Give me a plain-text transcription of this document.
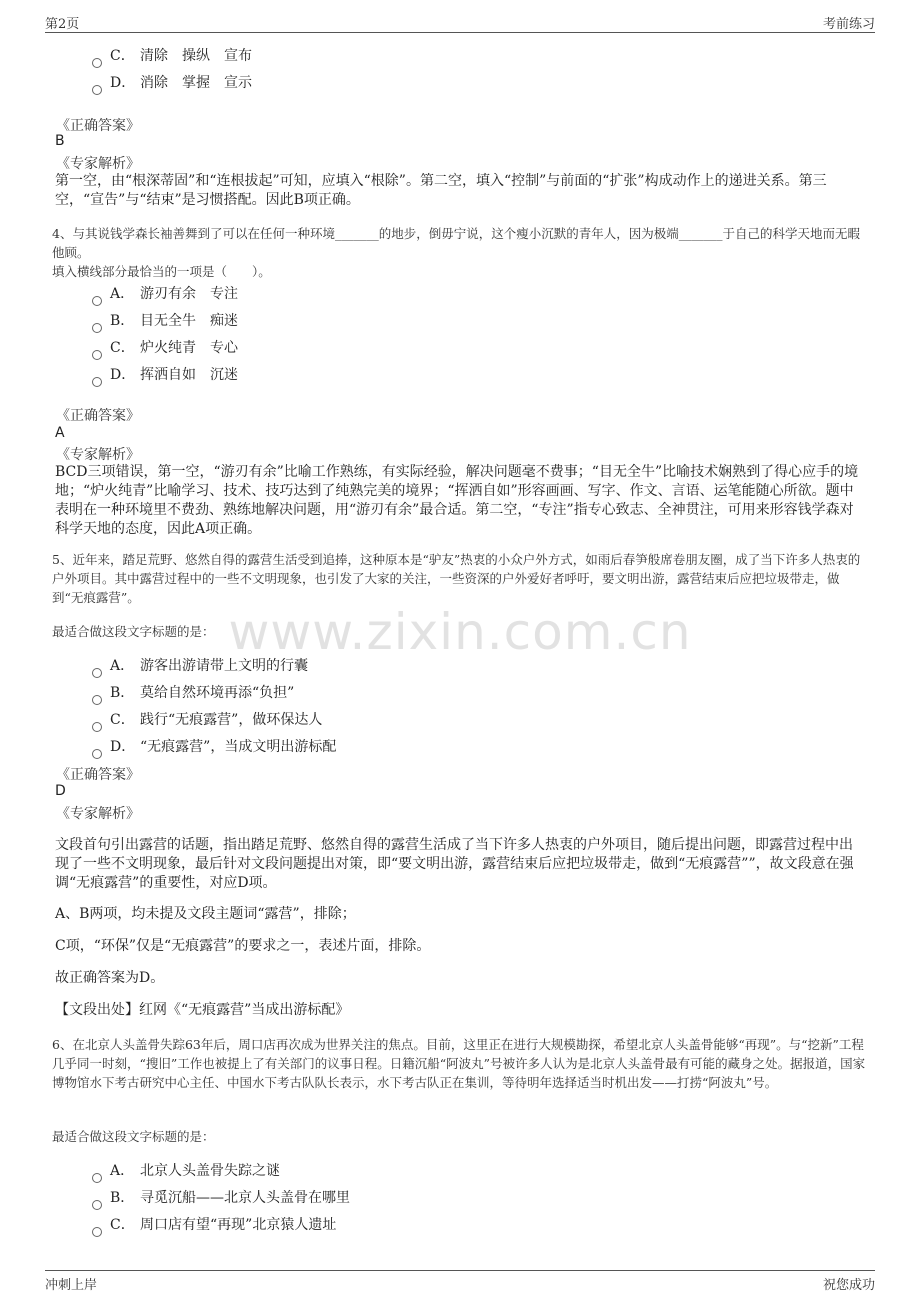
第2页	考前练习
www.zixin.com.cn
C． 清除 操纵 宣布
D． 消除 掌握 宣示
《正确答案》
B
《专家解析》
第一空，由“根深蒂固”和“连根拔起”可知，应填入“根除”。第二空，填入“控制”与前面的“扩张”构成动作上的递进关系。第三空，“宣告”与“结束”是习惯搭配。因此B项正确。
4、与其说钱学森长袖善舞到了可以在任何一种环境_______的地步，倒毋宁说，这个瘦小沉默的青年人，因为极端_______于自己的科学天地而无暇他顾。
填入横线部分最恰当的一项是（　　）。
A． 游刃有余 专注
B． 目无全牛 痴迷
C． 炉火纯青 专心
D． 挥洒自如 沉迷
《正确答案》
A
《专家解析》
BCD三项错误，第一空，“游刃有余”比喻工作熟练，有实际经验，解决问题毫不费事；“目无全牛”比喻技术娴熟到了得心应手的境地；“炉火纯青”比喻学习、技术、技巧达到了纯熟完美的境界；“挥洒自如”形容画画、写字、作文、言语、运笔能随心所欲。题中表明在一种环境里不费劲、熟练地解决问题，用“游刃有余”最合适。第二空，“专注”指专心致志、全神贯注，可用来形容钱学森对科学天地的态度，因此A项正确。
5、近年来，踏足荒野、悠然自得的露营生活受到追捧，这种原本是“驴友”热衷的小众户外方式，如雨后春笋般席卷朋友圈，成了当下许多人热衷的户外项目。其中露营过程中的一些不文明现象，也引发了大家的关注，一些资深的户外爱好者呼吁，要文明出游，露营结束后应把垃圾带走，做到“无痕露营”。
最适合做这段文字标题的是：
A． 游客出游请带上文明的行囊
B． 莫给自然环境再添“负担”
C． 践行“无痕露营”，做环保达人
D． “无痕露营”，当成文明出游标配
《正确答案》
D
《专家解析》
文段首句引出露营的话题，指出踏足荒野、悠然自得的露营生活成了当下许多人热衷的户外项目，随后提出问题，即露营过程中出现了一些不文明现象，最后针对文段问题提出对策，即“要文明出游，露营结束后应把垃圾带走，做到“无痕露营””，故文段意在强调“无痕露营”的重要性，对应D项。
A、B两项，均未提及文段主题词“露营”，排除；
C项，“环保”仅是“无痕露营”的要求之一，表述片面，排除。
故正确答案为D。
【文段出处】红网《“无痕露营”当成出游标配》
6、在北京人头盖骨失踪63年后，周口店再次成为世界关注的焦点。目前，这里正在进行大规模勘探，希望北京人头盖骨能够“再现”。与“挖新”工程几乎同一时刻，“搜旧”工作也被提上了有关部门的议事日程。日籍沉船“阿波丸”号被许多人认为是北京人头盖骨最有可能的藏身之处。据报道，国家博物馆水下考古研究中心主任、中国水下考古队队长表示，水下考古队正在集训，等待明年选择适当时机出发——打捞“阿波丸”号。
最适合做这段文字标题的是：
A． 北京人头盖骨失踪之谜
B． 寻觅沉船——北京人头盖骨在哪里
C． 周口店有望“再现”北京猿人遗址
冲刺上岸	祝您成功
